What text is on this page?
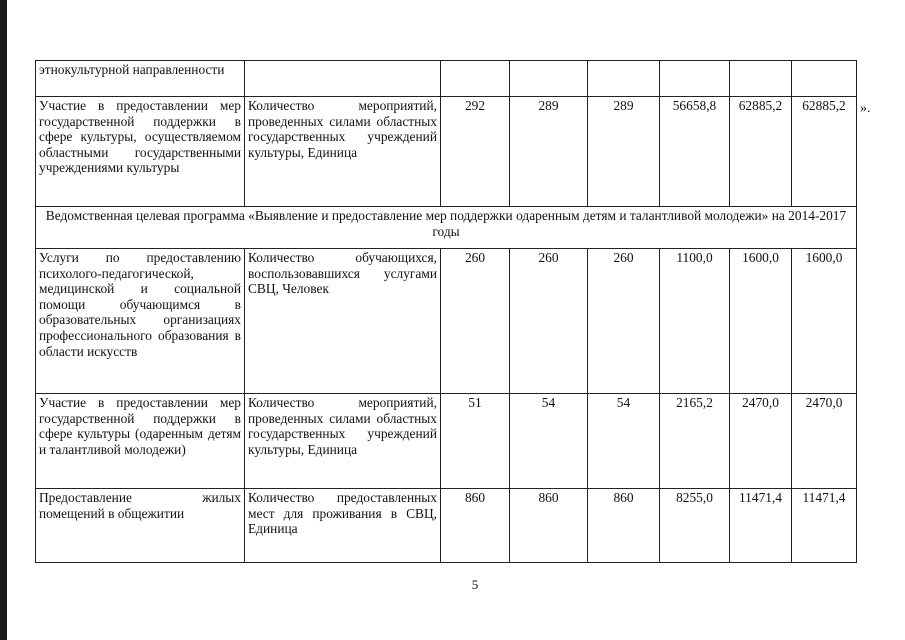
этнокультурной направленности							
Участие в предоставлении мер государственной поддержки в сфере культуры, осуществляемом областными государственными учреждениями культуры	Количество мероприятий, проведенных силами областных государственных учреждений культуры, Единица	292	289	289	56658,8	62885,2	62885,2
Ведомственная целевая программа «Выявление и предоставление мер поддержки одаренным детям и талантливой молодежи» на 2014-2017 годы							
Услуги по предоставлению психолого-педагогической, медицинской и социальной помощи обучающимся в образовательных организациях профессионального образования в области искусств	Количество обучающихся, воспользовавшихся услугами СВЦ, Человек	260	260	260	1100,0	1600,0	1600,0
Участие в предоставлении мер государственной поддержки в сфере культуры (одаренным детям и талантливой молодежи)	Количество мероприятий, проведенных силами областных государственных учреждений культуры, Единица	51	54	54	2165,2	2470,0	2470,0
Предоставление жилых помещений в общежитии	Количество предоставленных мест для проживания в СВЦ, Единица	860	860	860	8255,0	11471,4	11471,4
».
5
